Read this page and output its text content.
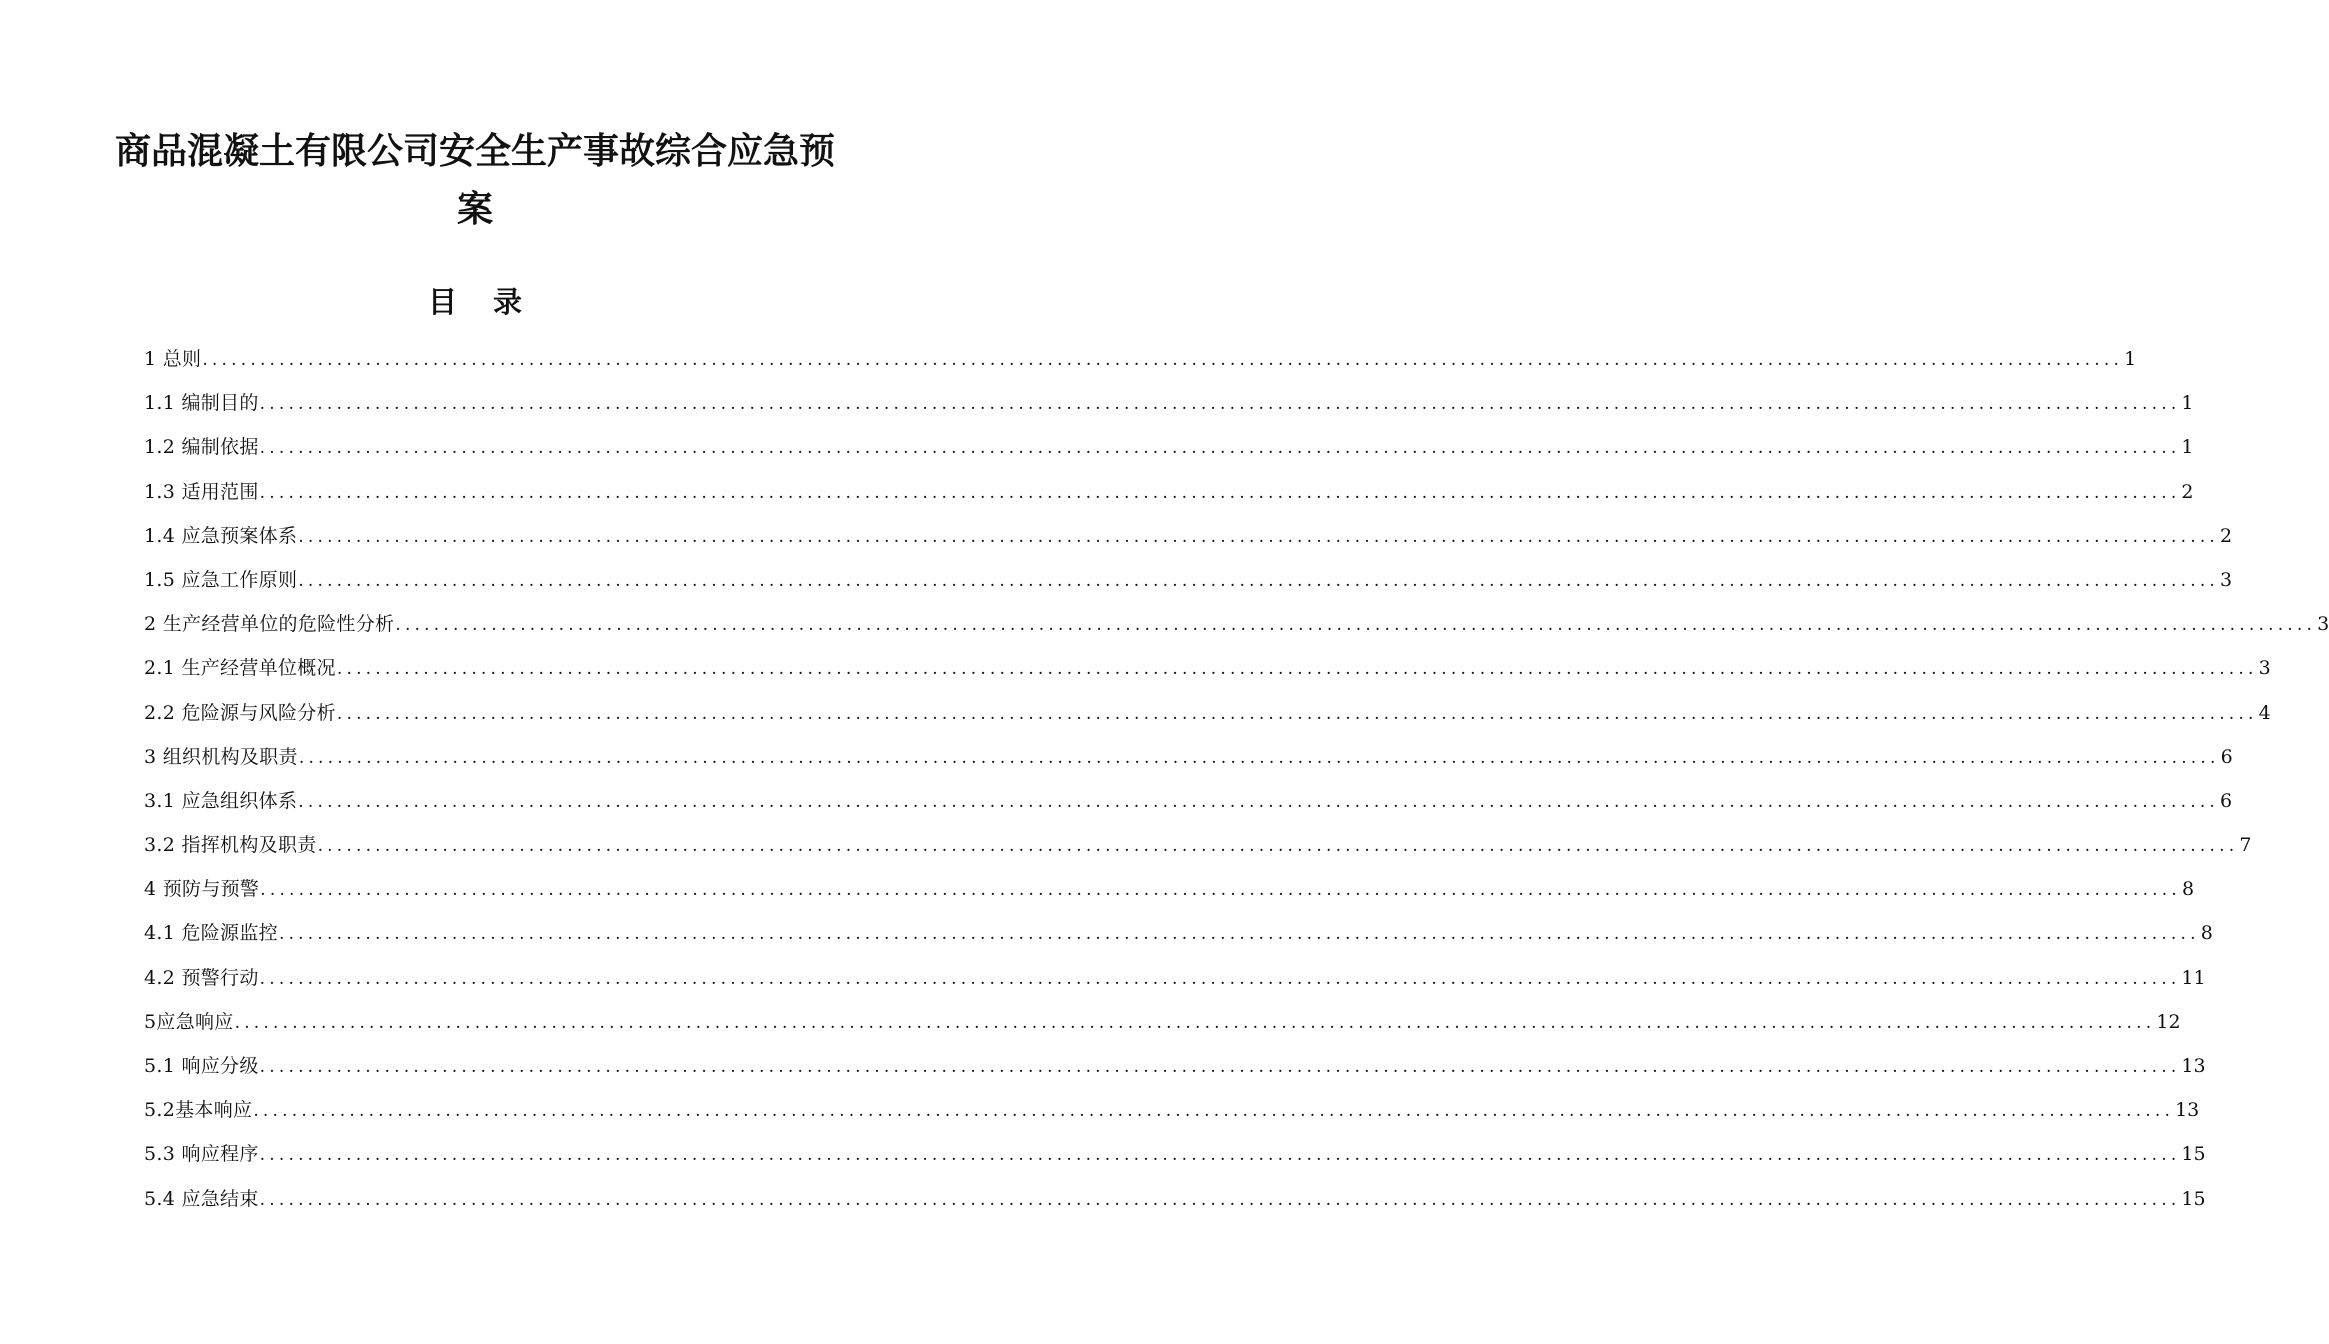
商品混凝土有限公司安全生产事故综合应急预案
目 录
1 总则 ........................................................................................................................................................................................................ 1
1.1 编制目的 ........................................................................................................................................................................................................ 1
1.2 编制依据 ........................................................................................................................................................................................................ 1
1.3 适用范围 ........................................................................................................................................................................................................ 2
1.4 应急预案体系 ........................................................................................................................................................................................................ 2
1.5 应急工作原则 ........................................................................................................................................................................................................ 3
2 生产经营单位的危险性分析 ........................................................................................................................................................................................................ 3
2.1 生产经营单位概况 ........................................................................................................................................................................................................ 3
2.2 危险源与风险分析 ........................................................................................................................................................................................................ 4
3 组织机构及职责 ........................................................................................................................................................................................................ 6
3.1 应急组织体系 ........................................................................................................................................................................................................ 6
3.2 指挥机构及职责 ........................................................................................................................................................................................................ 7
4 预防与预警 ........................................................................................................................................................................................................ 8
4.1 危险源监控 ........................................................................................................................................................................................................ 8
4.2 预警行动 ........................................................................................................................................................................................................ 11
5应急响应 ........................................................................................................................................................................................................ 12
5.1 响应分级 ........................................................................................................................................................................................................ 13
5.2基本响应 ........................................................................................................................................................................................................ 13
5.3 响应程序 ........................................................................................................................................................................................................ 15
5.4 应急结束 ........................................................................................................................................................................................................ 15
